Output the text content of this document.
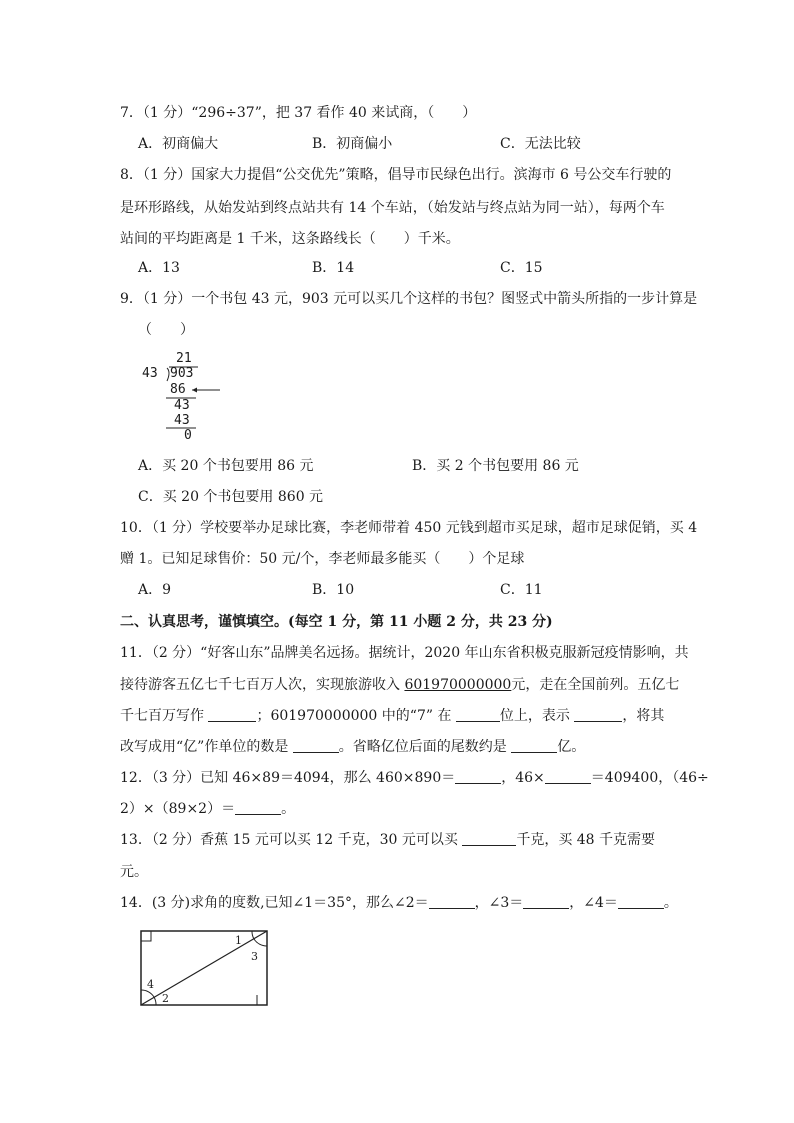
7．（1 分）“296÷37”，把 37 看作 40 来试商，（　　）
A．初商偏大	B．初商偏小	C．无法比较
8．（1 分）国家大力提倡“公交优先”策略，倡导市民绿色出行。滨海市 6 号公交车行驶的
是环形路线，从始发站到终点站共有 14 个车站，（始发站与终点站为同一站），每两个车
站间的平均距离是 1 千米，这条路线长（　　）千米。
A．13	B．14	C．15
9．（1 分）一个书包 43 元，903 元可以买几个这样的书包？图竖式中箭头所指的一步计算是
（　　）
21
43 903
86
43
43
0
A．买 20 个书包要用 86 元	B．买 2 个书包要用 86 元
C．买 20 个书包要用 860 元
10．（1 分）学校要举办足球比赛，李老师带着 450 元钱到超市买足球，超市足球促销，买 4
赠 1。已知足球售价：50 元/个，李老师最多能买（　　）个足球
A．9	B．10	C．11
二、认真思考，谨慎填空。(每空 1 分，第 11 小题 2 分，共 23 分)
11．（2 分）“好客山东”品牌美名远扬。据统计，2020 年山东省积极克服新冠疫情影响，共
接待游客五亿七千七百万人次，实现旅游收入 601970000000元，走在全国前列。五亿七
千七百万写作	；601970000000 中的“7” 在	位上，表示	，将其
改写成用“亿”作单位的数是	。省略亿位后面的尾数约是	亿。
12．（3 分）已知 46×89＝4094，那么 460×890＝	，46×	＝409400，（46÷
2）×（89×2）＝	。
13．（2 分）香蕉 15 元可以买 12 千克，30 元可以买	千克，买 48 千克需要
元。
14．(3 分)求角的度数,已知∠1＝35°，那么∠2＝	，∠3＝	，∠4＝	。
1
2
3
4
